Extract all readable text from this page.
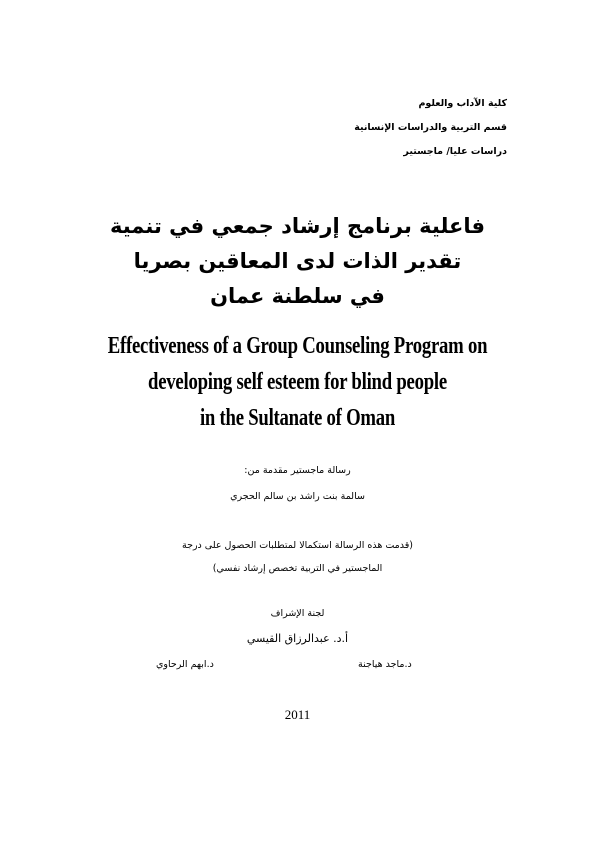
كلية الآداب والعلوم
قسم التربية والدراسات الإنسانية
دراسات عليا/ ماجستير
فاعلية برنامج إرشاد جمعي في تنمية
تقدير الذات لدى المعاقين بصريا
في سلطنة عمان
Effectiveness of a Group Counseling Program on
developing self esteem for blind people
in the Sultanate of Oman
رسالة ماجستير مقدمة من:
سالمة بنت راشد بن سالم الحجري
(قدمت هذه الرسالة استكمالا لمتطلبات الحصول على درجة
الماجستير في التربية تخصص إرشاد نفسي)
لجنة الإشراف
أ.د. عبدالرزاق القيسي
د.ماجد هياجنة
د.ابهم الرحاوي
2011
